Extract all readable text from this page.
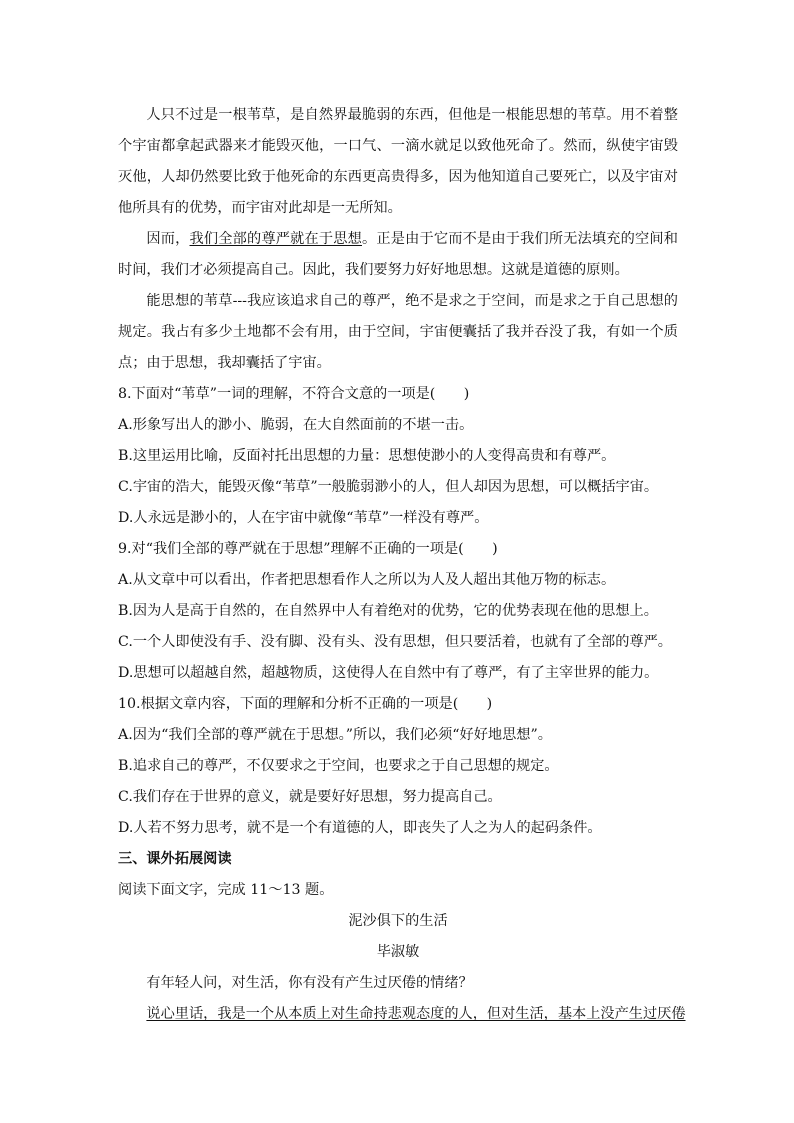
人只不过是一根苇草，是自然界最脆弱的东西，但他是一根能思想的苇草。用不着整个宇宙都拿起武器来才能毁灭他，一口气、一滴水就足以致他死命了。然而，纵使宇宙毁灭他，人却仍然要比致于他死命的东西更高贵得多，因为他知道自己要死亡，以及宇宙对他所具有的优势，而宇宙对此却是一无所知。

因而，我们全部的尊严就在于思想。正是由于它而不是由于我们所无法填充的空间和时间，我们才必须提高自己。因此，我们要努力好好地思想。这就是道德的原则。

能思想的苇草---我应该追求自己的尊严，绝不是求之于空间，而是求之于自己思想的规定。我占有多少土地都不会有用，由于空间，宇宙便囊括了我并吞没了我，有如一个质点；由于思想，我却囊括了宇宙。

8.下面对“苇草”一词的理解，不符合文意的一项是(　　)

A.形象写出人的渺小、脆弱，在大自然面前的不堪一击。

B.这里运用比喻，反面衬托出思想的力量：思想使渺小的人变得高贵和有尊严。

C.宇宙的浩大，能毁灭像“苇草”一般脆弱渺小的人，但人却因为思想，可以概括宇宙。

D.人永远是渺小的，人在宇宙中就像“苇草”一样没有尊严。

9.对“我们全部的尊严就在于思想”理解不正确的一项是(　　)

A.从文章中可以看出，作者把思想看作人之所以为人及人超出其他万物的标志。

B.因为人是高于自然的，在自然界中人有着绝对的优势，它的优势表现在他的思想上。

C.一个人即使没有手、没有脚、没有头、没有思想，但只要活着，也就有了全部的尊严。

D.思想可以超越自然，超越物质，这使得人在自然中有了尊严，有了主宰世界的能力。

10.根据文章内容，下面的理解和分析不正确的一项是(　　)

A.因为“我们全部的尊严就在于思想。”所以，我们必须“好好地思想”。

B.追求自己的尊严，不仅要求之于空间，也要求之于自己思想的规定。

C.我们存在于世界的意义，就是要好好思想，努力提高自己。

D.人若不努力思考，就不是一个有道德的人，即丧失了人之为人的起码条件。

三、课外拓展阅读

阅读下面文字，完成 11～13 题。

泥沙俱下的生活

毕淑敏

有年轻人问，对生活，你有没有产生过厌倦的情绪？

说心里话，我是一个从本质上对生命持悲观态度的人，但对生活，基本上没产生过厌倦
